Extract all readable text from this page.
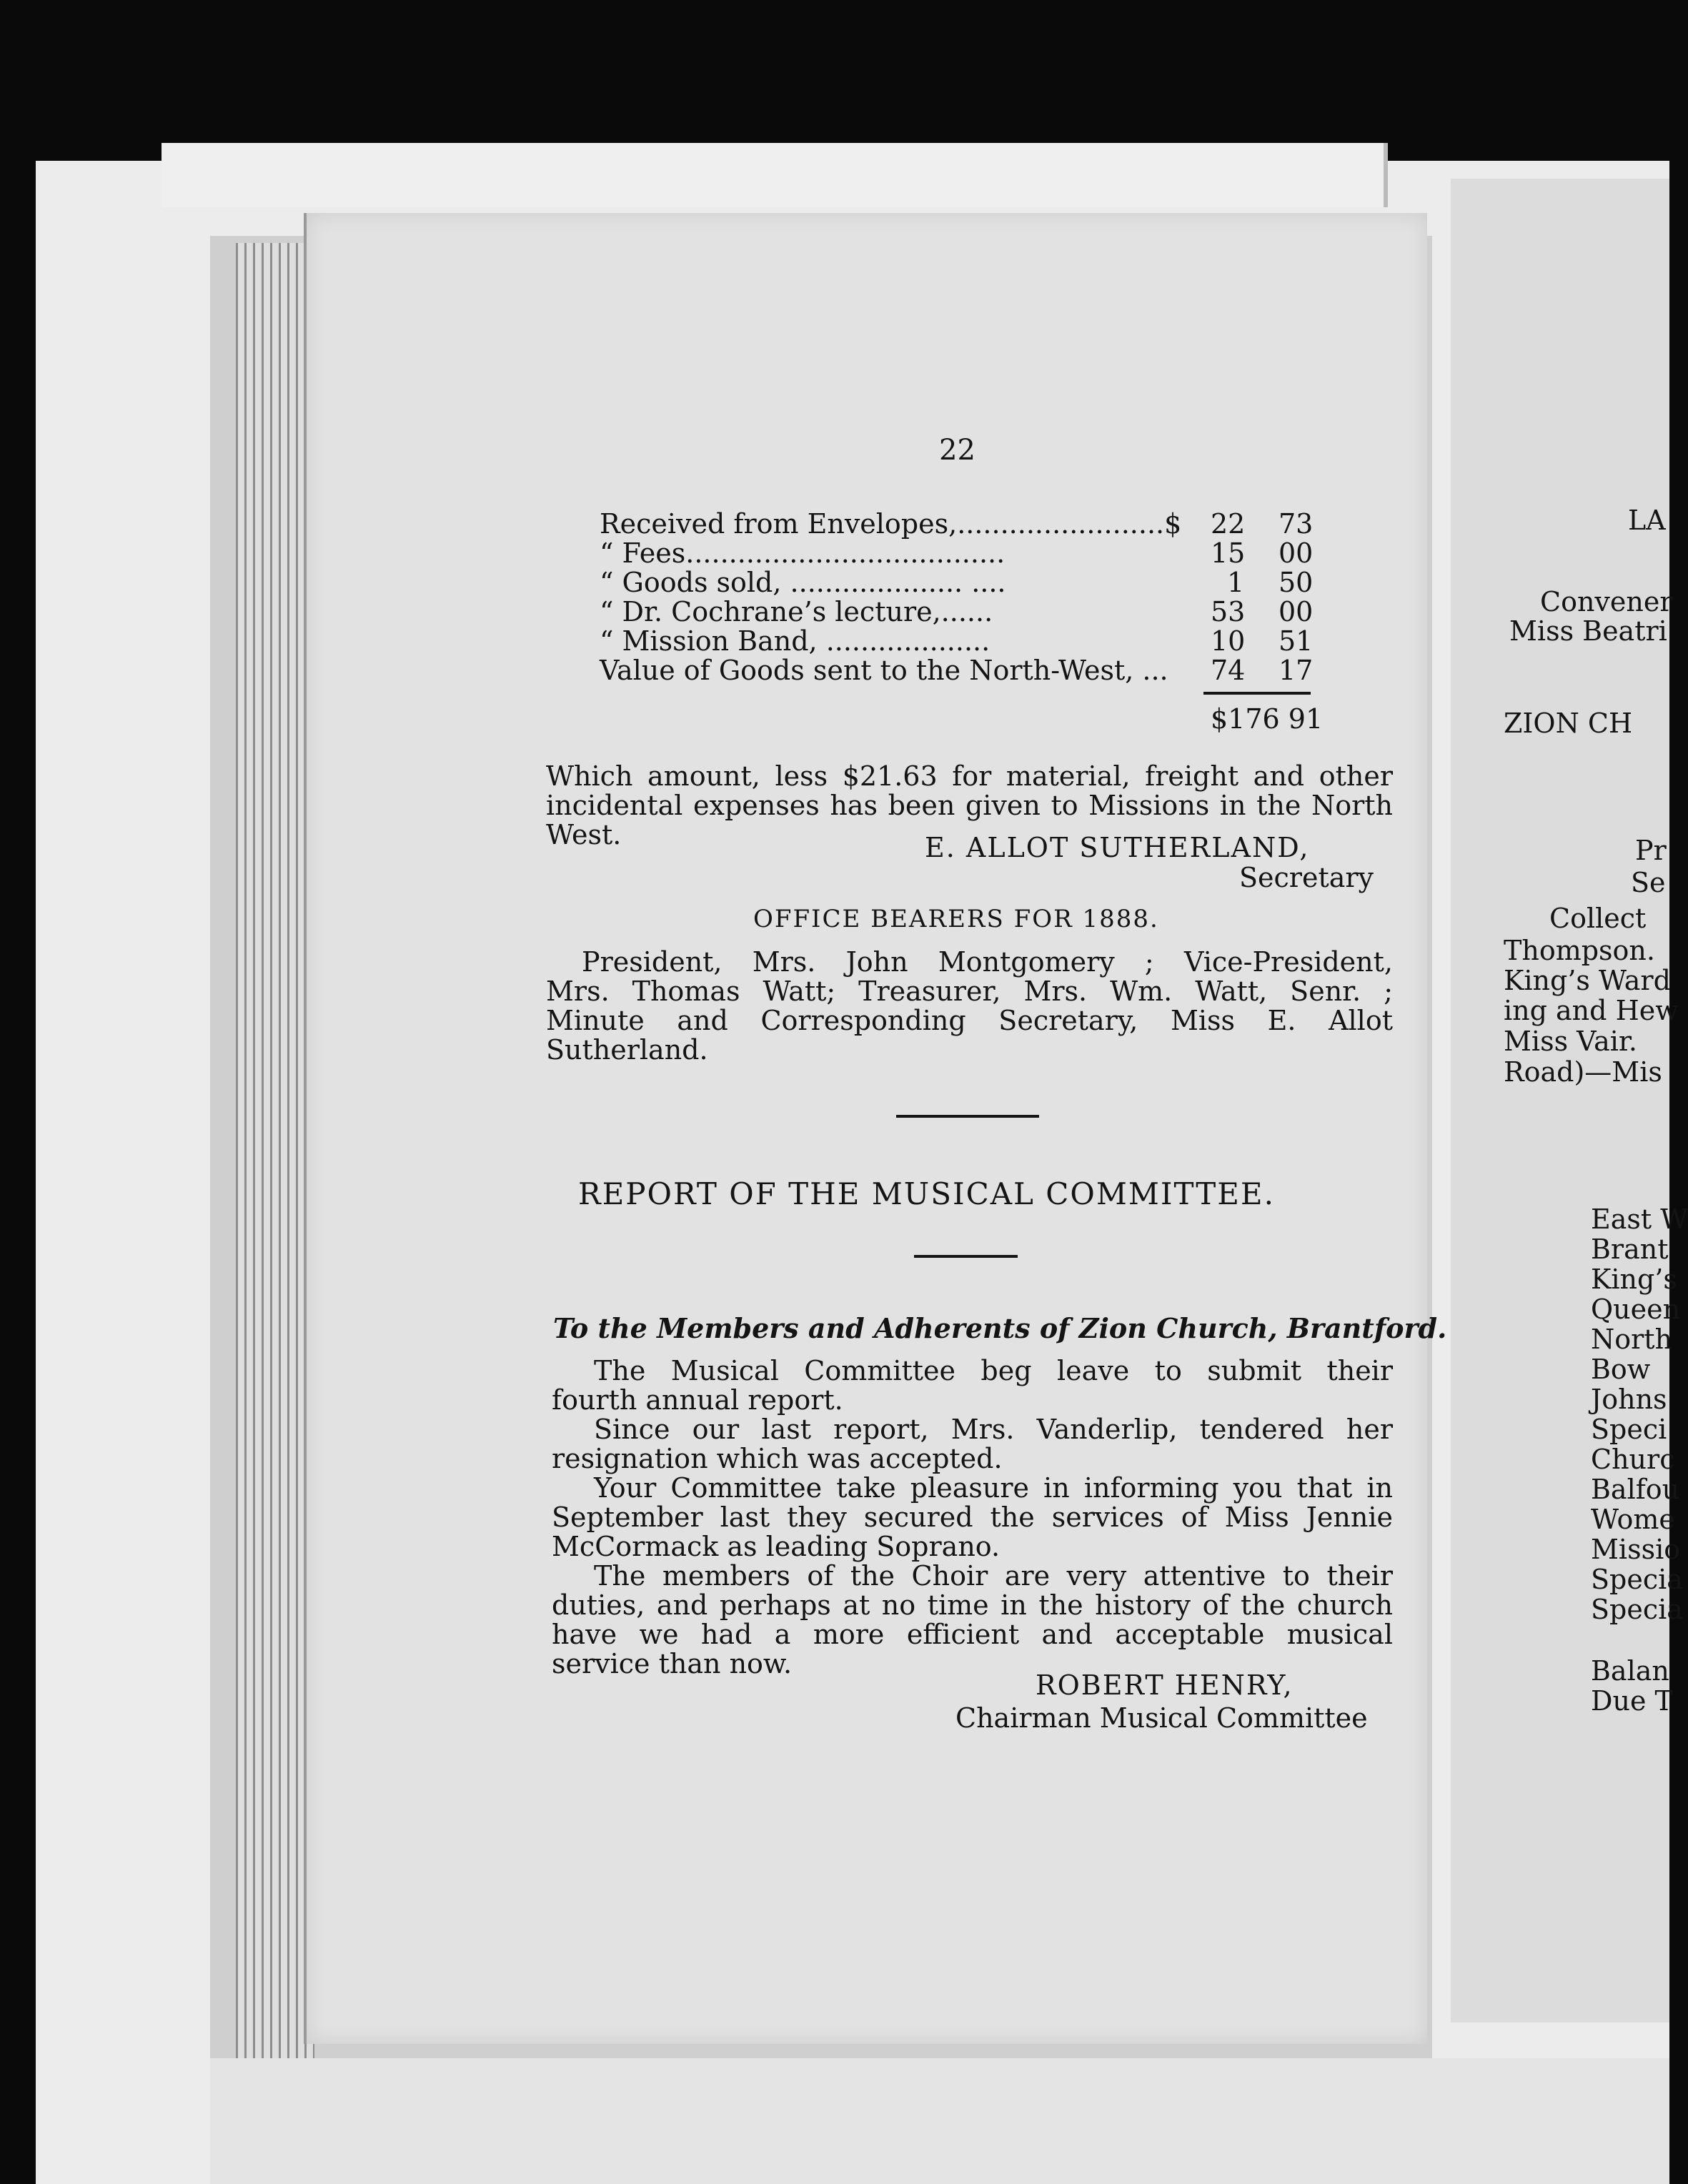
22
Received from Envelopes,........................$ 22 73
“ Fees.....................................	15 00
“ Goods sold, .................... ....	1 50
“ Dr. Cochrane’s lecture,......	53 00
“ Mission Band, ...................	10 51
Value of Goods sent to the North-West, ... 74 17
$176 91
Which amount, less $21.63 for material, freight and other
incidental expenses has been given to Missions in the North
West.	E. ALLOT SUTHERLAND,
Secretary
OFFICE BEARERS FOR 1888.
President, Mrs. John Montgomery ; Vice-President,
Mrs. Thomas Watt; Treasurer, Mrs. Wm. Watt, Senr. ;
Minute and Corresponding Secretary, Miss E. Allot
Sutherland.
REPORT OF THE MUSICAL COMMITTEE.
To the Members and Adherents of Zion Church, Brantford.
The Musical Committee beg leave to submit their
fourth annual report.
Since our last report, Mrs. Vanderlip, tendered her
resignation which was accepted.
Your Committee take pleasure in informing you that in
September last they secured the services of Miss Jennie
McCormack as leading Soprano.
The members of the Choir are very attentive to their
duties, and perhaps at no time in the history of the church
have we had a more efficient and acceptable musical
service than now.
ROBERT HENRY,
Chairman Musical Committee
LA
Convener
Miss Beatri
ZION CH
Pr
Se
Collect
Thompson.
King’s Ward
ing and Hew
Miss Vair.
Road)—Mis
East W
Brant
King’s
Queen
North
Bow
Johns
Speci
Churc
Balfou
Wome
Missio
Specia
Specia
Balan
Due T
